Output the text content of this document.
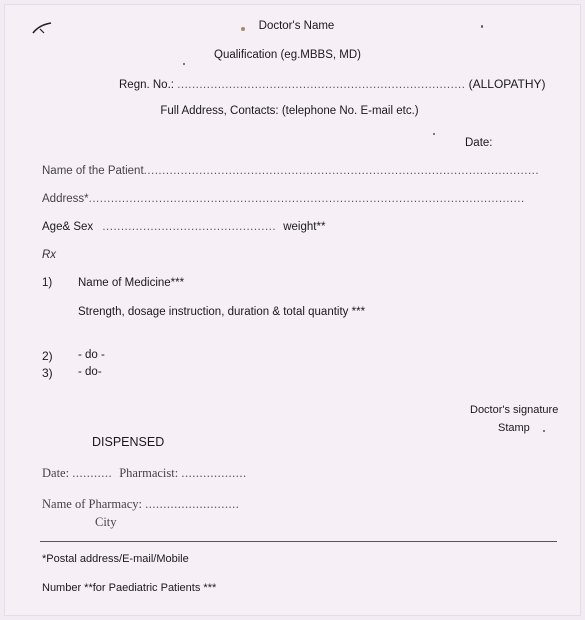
Doctor's Name
Qualification (eg.MBBS, MD)
Regn. No.: .............................................................................. (ALLOPATHY)
Full Address, Contacts: (telephone No. E-mail etc.)
Date:
Name of the Patient...........................................................................................................
Address*......................................................................................................................
Age& Sex ............................................... weight**
Rx
1) Name of Medicine***
Strength, dosage instruction, duration & total quantity ***
2) - do -
3) - do-
Doctor's signature
Stamp
DISPENSED
Date: ........... Pharmacist: ..................
Name of Pharmacy: ..........................
City
*Postal address/E-mail/Mobile
Number **for Paediatric Patients ***
